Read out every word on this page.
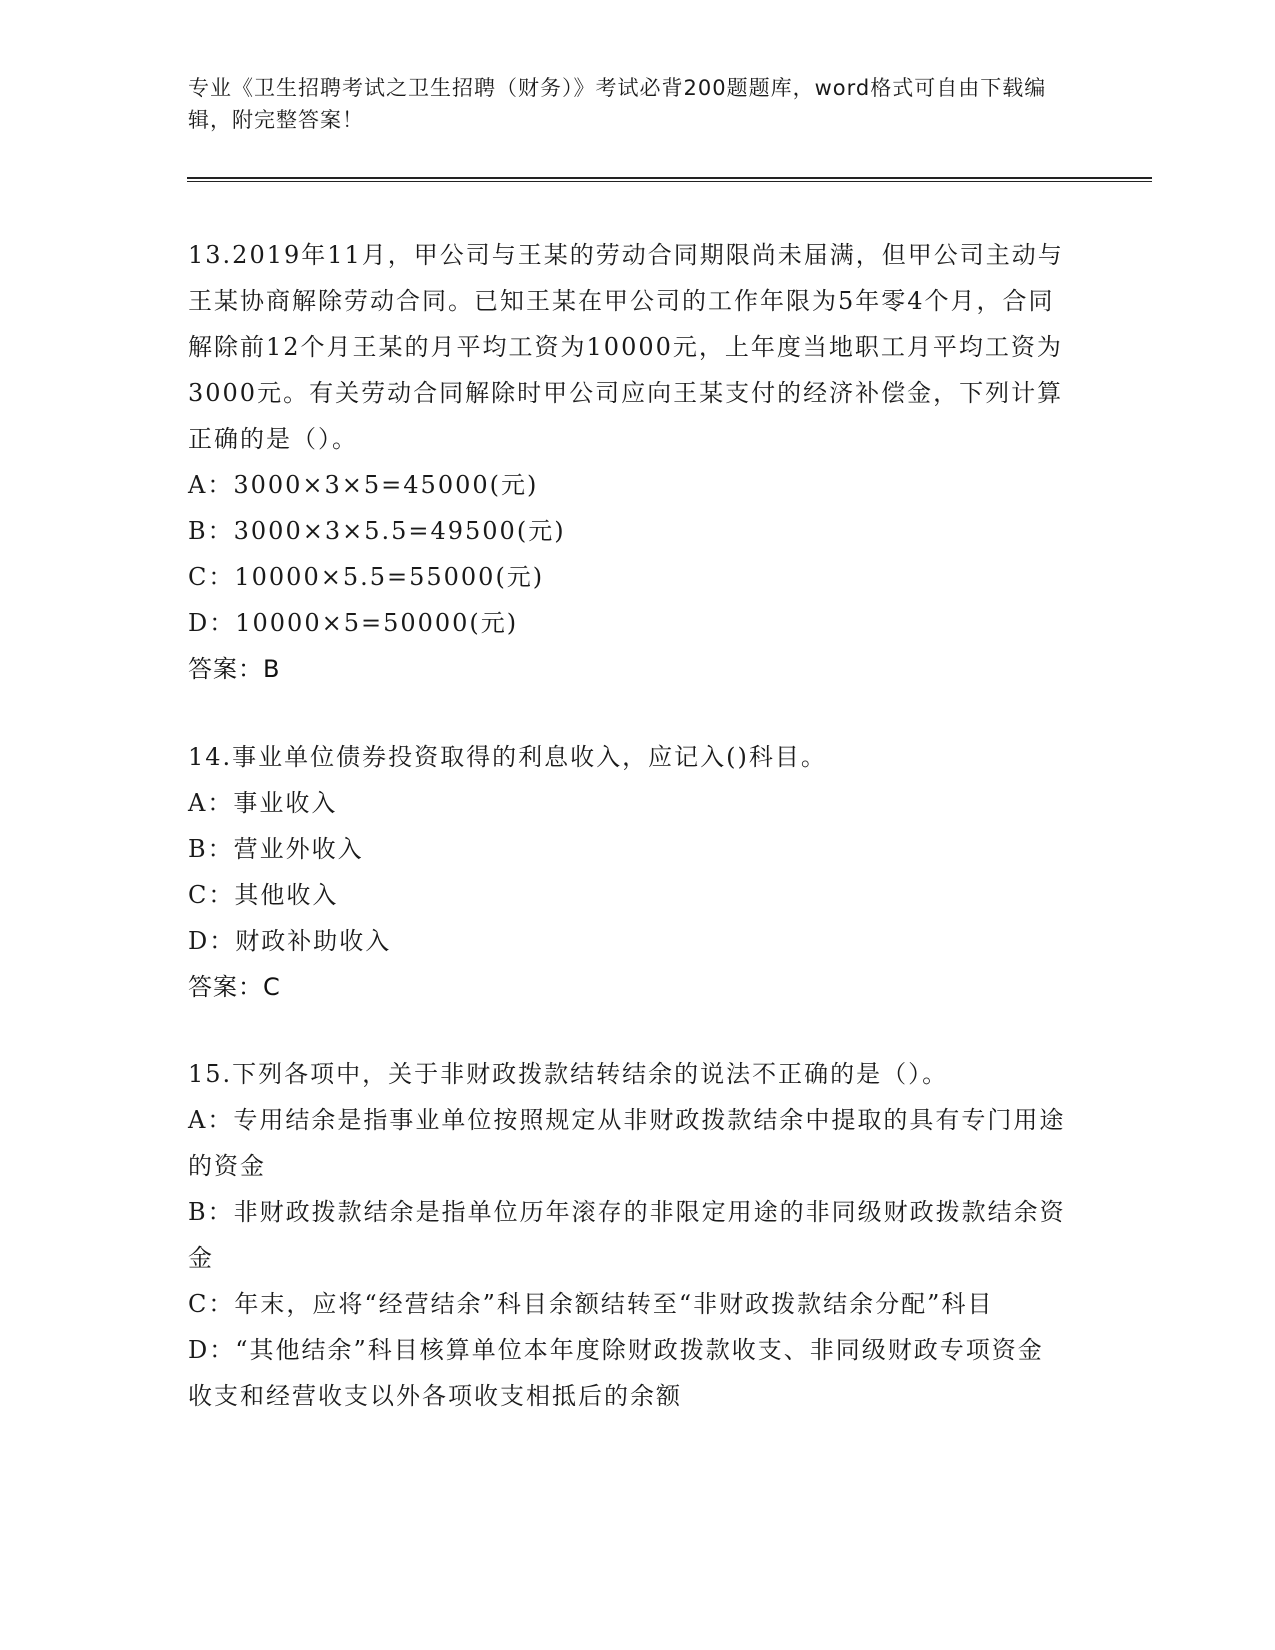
专业《卫生招聘考试之卫生招聘（财务）》考试必背200题题库，word格式可自由下载编辑，附完整答案！
13.2019年11月，甲公司与王某的劳动合同期限尚未届满，但甲公司主动与王某协商解除劳动合同。已知王某在甲公司的工作年限为5年零4个月，合同解除前12个月王某的月平均工资为10000元，上年度当地职工月平均工资为3000元。有关劳动合同解除时甲公司应向王某支付的经济补偿金，下列计算正确的是（）。
A：3000×3×5=45000(元)
B：3000×3×5.5=49500(元)
C：10000×5.5=55000(元)
D：10000×5=50000(元)
答案：B
14.事业单位债券投资取得的利息收入，应记入()科目。
A：事业收入
B：营业外收入
C：其他收入
D：财政补助收入
答案：C
15.下列各项中，关于非财政拨款结转结余的说法不正确的是（）。
A：专用结余是指事业单位按照规定从非财政拨款结余中提取的具有专门用途的资金
B：非财政拨款结余是指单位历年滚存的非限定用途的非同级财政拨款结余资金
C：年末，应将“经营结余”科目余额结转至“非财政拨款结余分配”科目
D：“其他结余”科目核算单位本年度除财政拨款收支、非同级财政专项资金收支和经营收支以外各项收支相抵后的余额
